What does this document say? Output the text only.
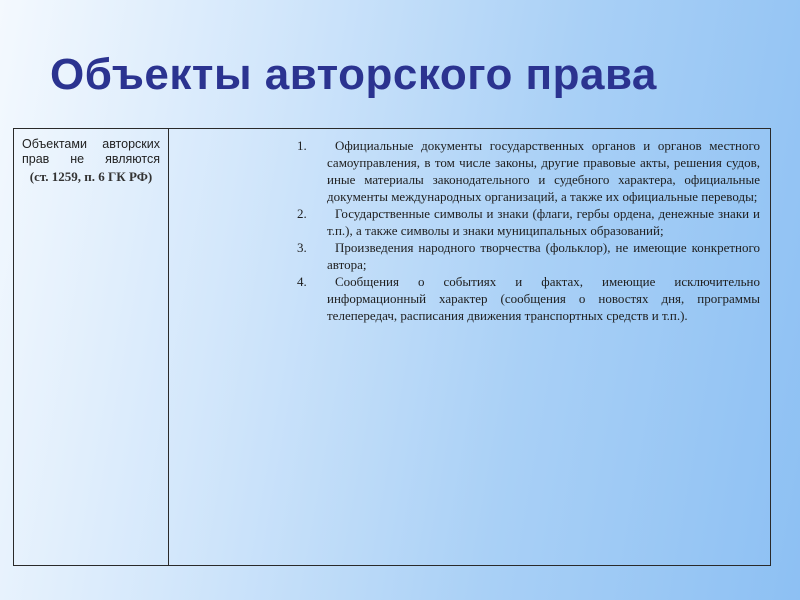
Объекты авторского права

Объектами авторских прав не являются

(ст. 1259, п. 6 ГК РФ)

1.	Официальные документы государственных органов и органов местного самоуправления, в том числе законы, другие правовые акты, решения судов, иные материалы законодательного и судебного характера, официальные документы международных организаций, а также их официальные переводы;
2.	Государственные символы и знаки (флаги, гербы ордена, денежные знаки и т.п.), а также символы и знаки муниципальных образований;
3.	Произведения народного творчества (фольклор), не имеющие конкретного автора;
4.	Сообщения о событиях и фактах, имеющие исключительно информационный характер (сообщения о новостях дня, программы телепередач, расписания движения транспортных средств и т.п.).
